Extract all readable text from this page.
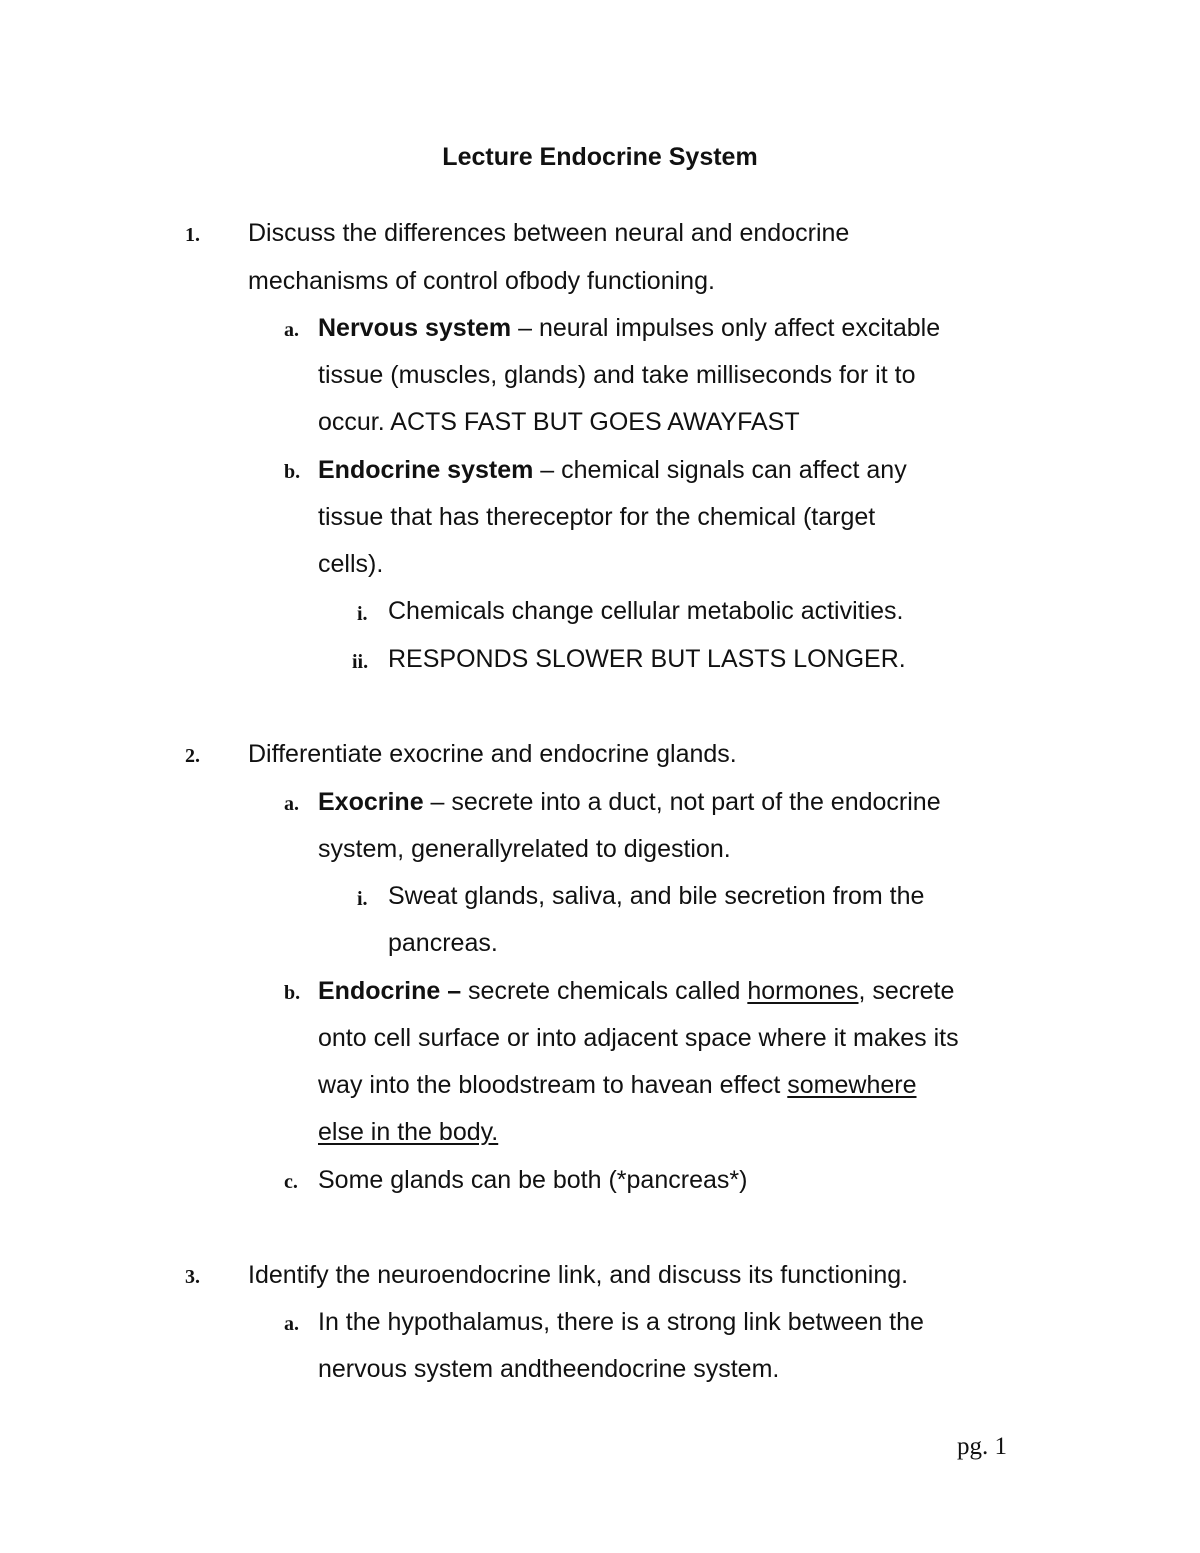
Lecture Endocrine System
1. Discuss the differences between neural and endocrine
mechanisms of control ofbody functioning.
a. Nervous system – neural impulses only affect excitable
tissue (muscles, glands) and take milliseconds for it to
occur. ACTS FAST BUT GOES AWAYFAST
b. Endocrine system – chemical signals can affect any
tissue that has thereceptor for the chemical (target
cells).
i. Chemicals change cellular metabolic activities.
ii. RESPONDS SLOWER BUT LASTS LONGER.
2. Differentiate exocrine and endocrine glands.
a. Exocrine – secrete into a duct, not part of the endocrine
system, generallyrelated to digestion.
i. Sweat glands, saliva, and bile secretion from the
pancreas.
b. Endocrine – secrete chemicals called hormones, secrete
onto cell surface or into adjacent space where it makes its
way into the bloodstream to havean effect somewhere
else in the body.
c. Some glands can be both (*pancreas*)
3. Identify the neuroendocrine link, and discuss its functioning.
a. In the hypothalamus, there is a strong link between the
nervous system andtheendocrine system.
pg. 1
